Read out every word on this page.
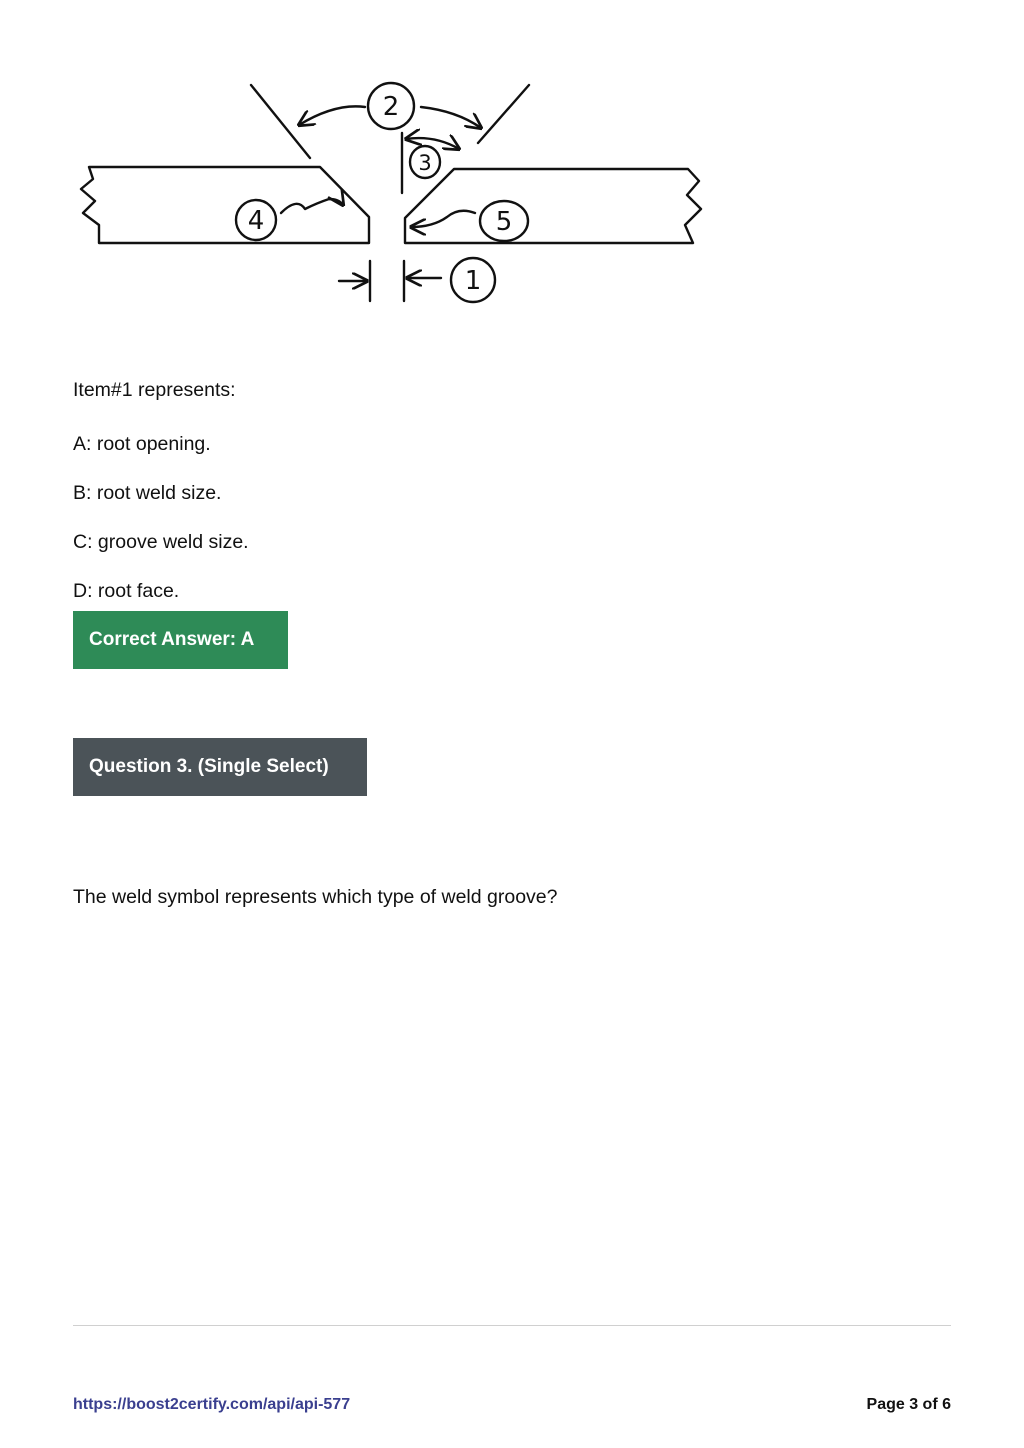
2
3
4	5
1
Item#1 represents:
A: root opening.
B: root weld size.
C: groove weld size.
D: root face.
Correct Answer: A
Question 3. (Single Select)
The weld symbol represents which type of weld groove?
https://boost2certify.com/api/api-577	Page 3 of 6
